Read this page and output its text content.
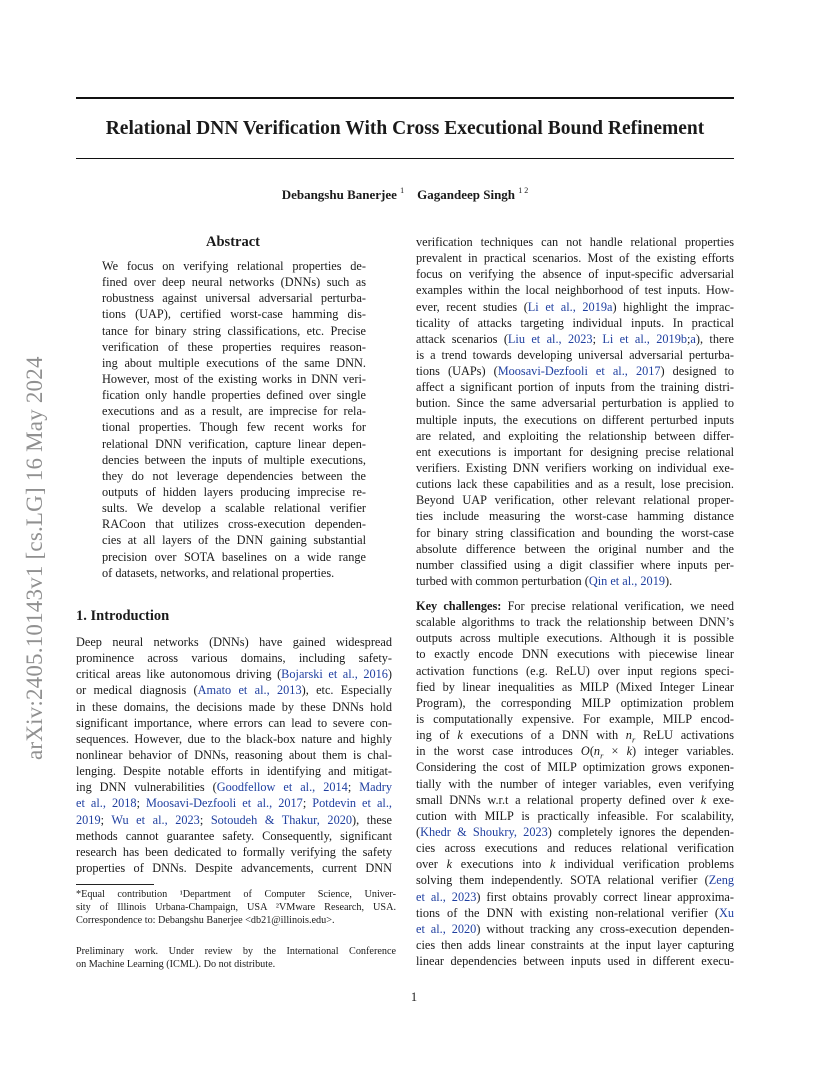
arXiv:2405.10143v1 [cs.LG] 16 May 2024
Relational DNN Verification With Cross Executional Bound Refinement
Debangshu Banerjee $^1$ Gagandeep Singh $^{1 2}$
Abstract
We focus on verifying relational properties de-
fined over deep neural networks (DNNs) such as
robustness against universal adversarial perturba-
tions (UAP), certified worst-case hamming dis-
tance for binary string classifications, etc. Precise
verification of these properties requires reason-
ing about multiple executions of the same DNN.
However, most of the existing works in DNN veri-
fication only handle properties defined over single
executions and as a result, are imprecise for rela-
tional properties. Though few recent works for
relational DNN verification, capture linear depen-
dencies between the inputs of multiple executions,
they do not leverage dependencies between the
outputs of hidden layers producing imprecise re-
sults. We develop a scalable relational verifier
RACoon that utilizes cross-execution dependen-
cies at all layers of the DNN gaining substantial
precision over SOTA baselines on a wide range
of datasets, networks, and relational properties.
1. Introduction
Deep neural networks (DNNs) have gained widespread
prominence across various domains, including safety-
critical areas like autonomous driving (Bojarski et al., 2016)
or medical diagnosis (Amato et al., 2013), etc. Especially
in these domains, the decisions made by these DNNs hold
significant importance, where errors can lead to severe con-
sequences. However, due to the black-box nature and highly
nonlinear behavior of DNNs, reasoning about them is chal-
lenging. Despite notable efforts in identifying and mitigat-
ing DNN vulnerabilities (Goodfellow et al., 2014; Madry
et al., 2018; Moosavi-Dezfooli et al., 2017; Potdevin et al.,
2019; Wu et al., 2023; Sotoudeh & Thakur, 2020), these
methods cannot guarantee safety. Consequently, significant
research has been dedicated to formally verifying the safety
properties of DNNs. Despite advancements, current DNN
verification techniques can not handle relational properties
prevalent in practical scenarios. Most of the existing efforts
focus on verifying the absence of input-specific adversarial
examples within the local neighborhood of test inputs. How-
ever, recent studies (Li et al., 2019a) highlight the imprac-
ticality of attacks targeting individual inputs. In practical
attack scenarios (Liu et al., 2023; Li et al., 2019b;a), there
is a trend towards developing universal adversarial perturba-
tions (UAPs) (Moosavi-Dezfooli et al., 2017) designed to
affect a significant portion of inputs from the training distri-
bution. Since the same adversarial perturbation is applied to
multiple inputs, the executions on different perturbed inputs
are related, and exploiting the relationship between differ-
ent executions is important for designing precise relational
verifiers. Existing DNN verifiers working on individual exe-
cutions lack these capabilities and as a result, lose precision.
Beyond UAP verification, other relevant relational proper-
ties include measuring the worst-case hamming distance
for binary string classification and bounding the worst-case
absolute difference between the original number and the
number classified using a digit classifier where inputs per-
turbed with common perturbation (Qin et al., 2019).
Key challenges: For precise relational verification, we need
scalable algorithms to track the relationship between DNN’s
outputs across multiple executions. Although it is possible
to exactly encode DNN executions with piecewise linear
activation functions (e.g. ReLU) over input regions speci-
fied by linear inequalities as MILP (Mixed Integer Linear
Program), the corresponding MILP optimization problem
is computationally expensive. For example, MILP encod-
ing of k executions of a DNN with $n_r$ ReLU activations
in the worst case introduces $O(n_r \times k)$ integer variables.
Considering the cost of MILP optimization grows exponen-
tially with the number of integer variables, even verifying
small DNNs w.r.t a relational property defined over k exe-
cution with MILP is practically infeasible. For scalability,
(Khedr & Shoukry, 2023) completely ignores the dependen-
cies across executions and reduces relational verification
over k executions into k individual verification problems
solving them independently. SOTA relational verifier (Zeng
et al., 2023) first obtains provably correct linear approxima-
tions of the DNN with existing non-relational verifier (Xu
et al., 2020) without tracking any cross-execution dependen-
cies then adds linear constraints at the input layer capturing
linear dependencies between inputs used in different execu-
*Equal contribution ¹Department of Computer Science, Univer-
sity of Illinois Urbana-Champaign, USA ²VMware Research, USA.
Correspondence to: Debangshu Banerjee <db21@illinois.edu>.
Preliminary work. Under review by the International Conference
on Machine Learning (ICML). Do not distribute.
1
